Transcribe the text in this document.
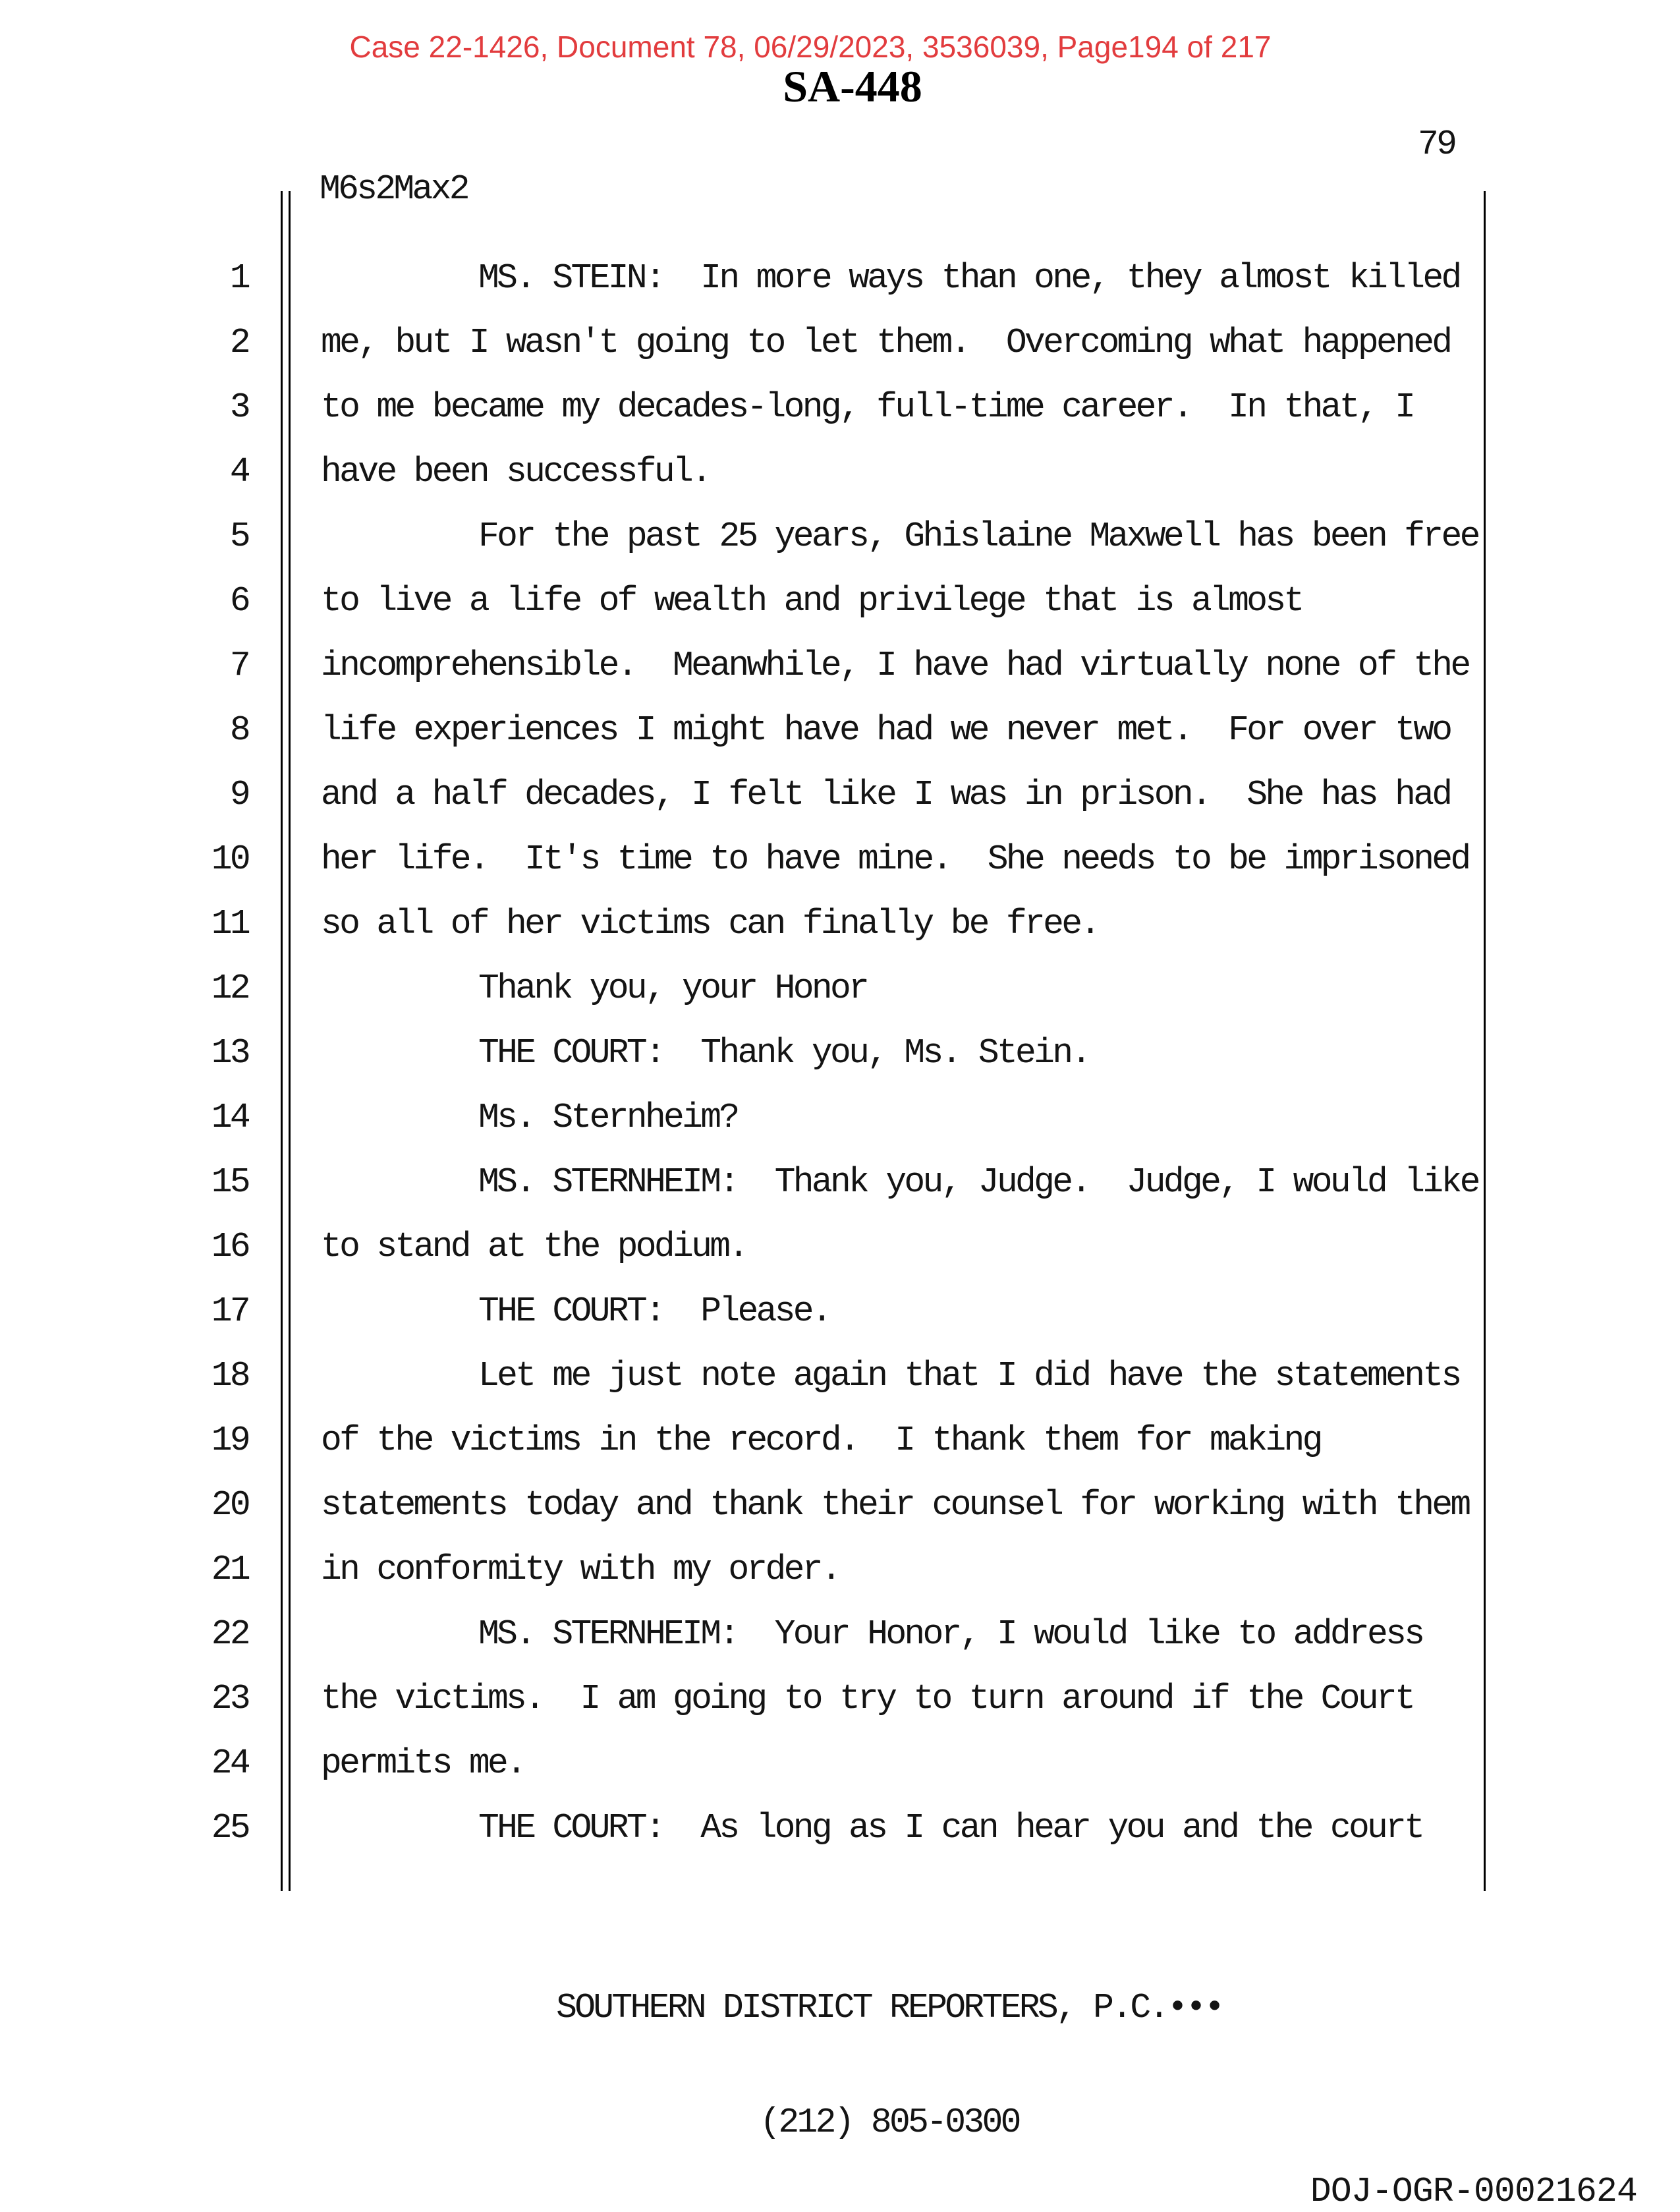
Case 22-1426, Document 78, 06/29/2023, 3536039, Page194 of 217
SA-448
79
M6s2Max2
1	MS. STEIN:  In more ways than one, they almost killed
2 me, but I wasn't going to let them.  Overcoming what happened
3 to me became my decades-long, full-time career.  In that, I
4 have been successful.
5	For the past 25 years, Ghislaine Maxwell has been free
6 to live a life of wealth and privilege that is almost
7 incomprehensible.  Meanwhile, I have had virtually none of the
8 life experiences I might have had we never met.  For over two
9 and a half decades, I felt like I was in prison.  She has had
10 her life.  It's time to have mine.  She needs to be imprisoned
11 so all of her victims can finally be free.
12	Thank you, your Honor
13	THE COURT:  Thank you, Ms. Stein.
14	Ms. Sternheim?
15	MS. STERNHEIM:  Thank you, Judge.  Judge, I would like
16 to stand at the podium.
17	THE COURT:  Please.
18	Let me just note again that I did have the statements
19 of the victims in the record.  I thank them for making
20 statements today and thank their counsel for working with them
21 in conformity with my order.
22	MS. STERNHEIM:  Your Honor, I would like to address
23 the victims.  I am going to try to turn around if the Court
24 permits me.
25	THE COURT:  As long as I can hear you and the court

SOUTHERN DISTRICT REPORTERS, P.C.•••

(212) 805-0300

DOJ-OGR-00021624
